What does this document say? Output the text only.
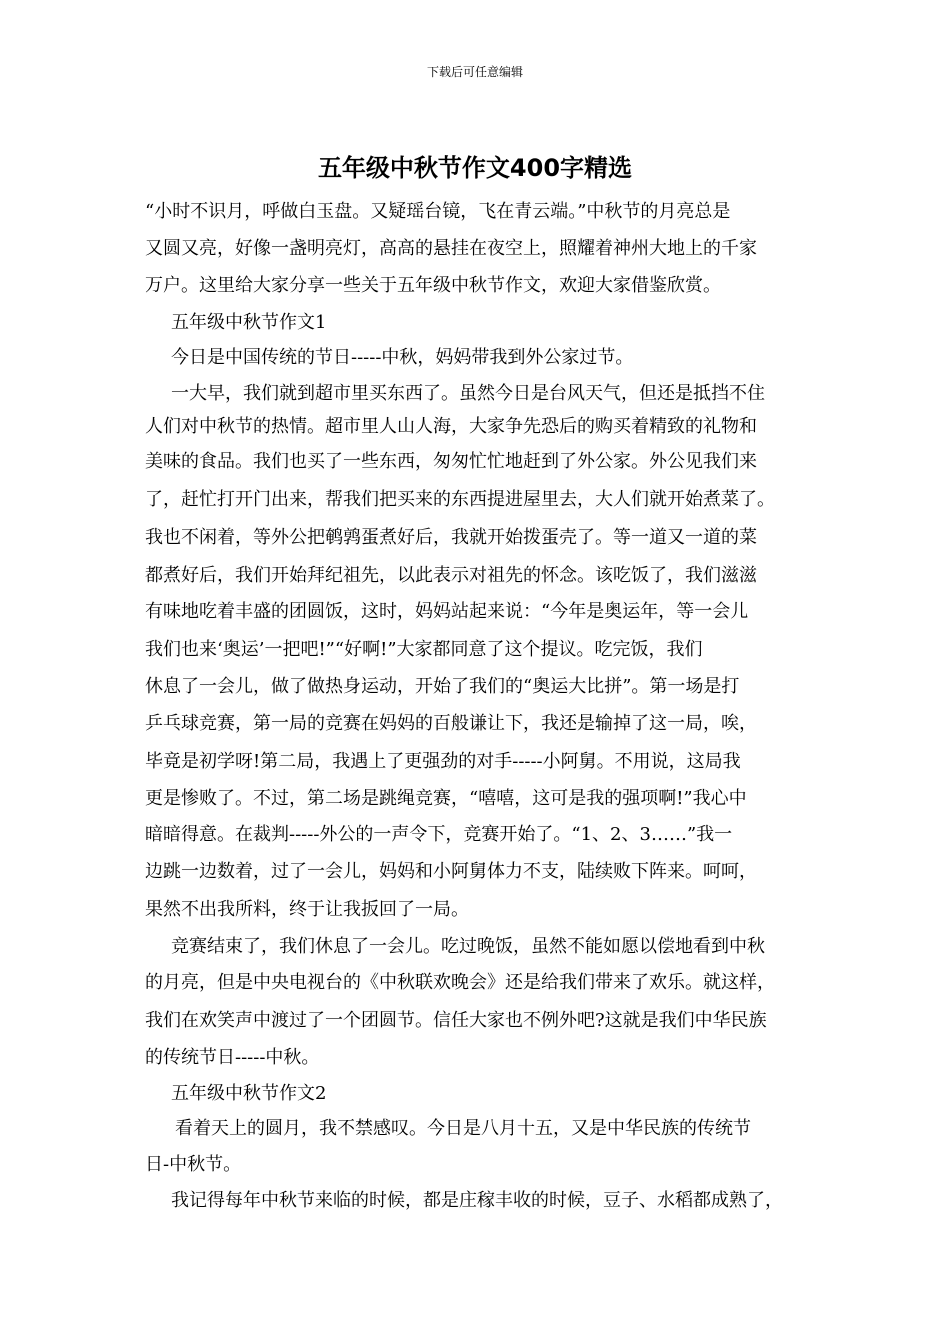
下载后可任意编辑
五年级中秋节作文400字精选
“小时不识月，呼做白玉盘。又疑瑶台镜，飞在青云端。”中秋节的月亮总是
又圆又亮，好像一盏明亮灯，高高的悬挂在夜空上，照耀着神州大地上的千家
万户。这里给大家分享一些关于五年级中秋节作文，欢迎大家借鉴欣赏。
五年级中秋节作文1
今日是中国传统的节日-----中秋，妈妈带我到外公家过节。
一大早，我们就到超市里买东西了。虽然今日是台风天气，但还是抵挡不住
人们对中秋节的热情。超市里人山人海，大家争先恐后的购买着精致的礼物和
美味的食品。我们也买了一些东西，匆匆忙忙地赶到了外公家。外公见我们来
了，赶忙打开门出来，帮我们把买来的东西提进屋里去，大人们就开始煮菜了。
我也不闲着，等外公把鹌鹑蛋煮好后，我就开始拨蛋壳了。等一道又一道的菜
都煮好后，我们开始拜纪祖先，以此表示对祖先的怀念。该吃饭了，我们滋滋
有味地吃着丰盛的团圆饭，这时，妈妈站起来说：“今年是奥运年，等一会儿
我们也来‘奥运’一把吧!”“好啊!”大家都同意了这个提议。吃完饭，我们
休息了一会儿，做了做热身运动，开始了我们的“奥运大比拼”。第一场是打
乒乓球竞赛，第一局的竞赛在妈妈的百般谦让下，我还是输掉了这一局，唉，
毕竟是初学呀!第二局，我遇上了更强劲的对手-----小阿舅。不用说，这局我
更是惨败了。不过，第二场是跳绳竞赛，“嘻嘻，这可是我的强项啊!”我心中
暗暗得意。在裁判-----外公的一声令下，竞赛开始了。“1、2、3……”我一
边跳一边数着，过了一会儿，妈妈和小阿舅体力不支，陆续败下阵来。呵呵，
果然不出我所料，终于让我扳回了一局。
竞赛结束了，我们休息了一会儿。吃过晚饭，虽然不能如愿以偿地看到中秋
的月亮，但是中央电视台的《中秋联欢晚会》还是给我们带来了欢乐。就这样，
我们在欢笑声中渡过了一个团圆节。信任大家也不例外吧?这就是我们中华民族
的传统节日-----中秋。
五年级中秋节作文2
看着天上的圆月，我不禁感叹。今日是八月十五，又是中华民族的传统节
日-中秋节。
我记得每年中秋节来临的时候，都是庄稼丰收的时候，豆子、水稻都成熟了，
